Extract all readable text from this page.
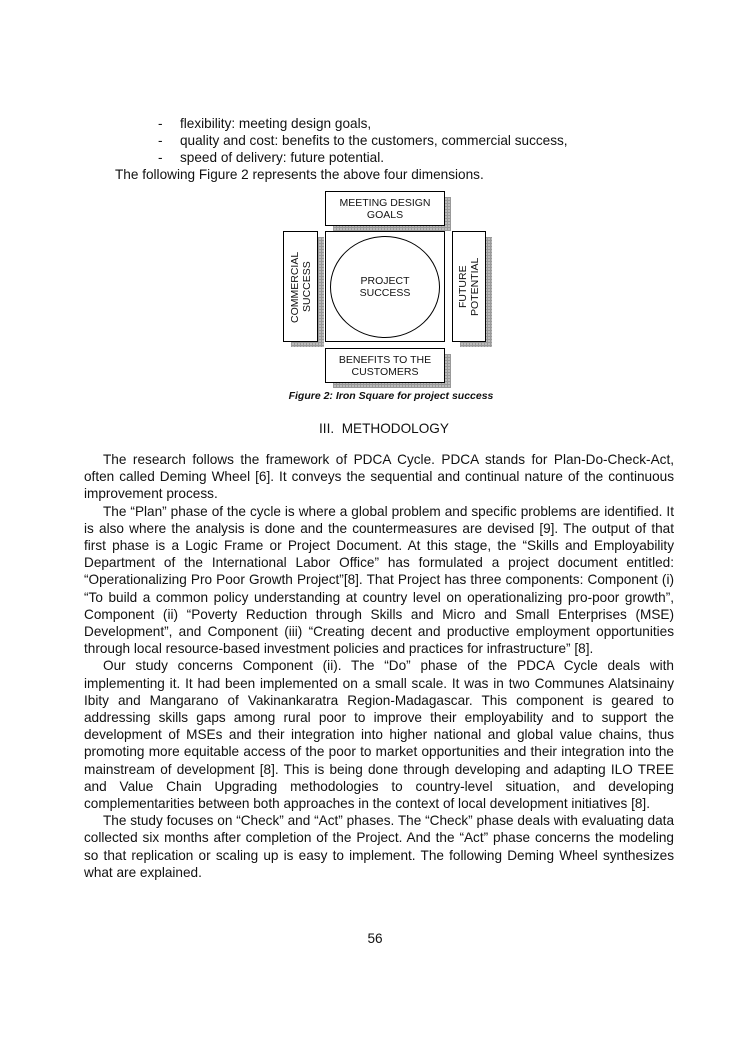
- flexibility: meeting design goals,
- quality and cost: benefits to the customers, commercial success,
- speed of delivery: future potential.
The following Figure 2 represents the above four dimensions.
MEETING DESIGN GOALS
COMMERCIAL SUCCESS	PROJECT SUCCESS	FUTURE POTENTIAL
BENEFITS TO THE CUSTOMERS
Figure 2: Iron Square for project success
III.  METHODOLOGY

The research follows the framework of PDCA Cycle. PDCA stands for Plan-Do-Check-Act, often called Deming Wheel [6]. It conveys the sequential and continual nature of the continuous improvement process.

The “Plan” phase of the cycle is where a global problem and specific problems are identified. It is also where the analysis is done and the countermeasures are devised [9]. The output of that first phase is a Logic Frame or Project Document. At this stage, the “Skills and Employability Department of the International Labor Office” has formulated a project document entitled: “Operationalizing Pro Poor Growth Project”[8]. That Project has three components: Component (i) “To build a common policy understanding at country level on operationalizing pro-poor growth”, Component (ii) “Poverty Reduction through Skills and Micro and Small Enterprises (MSE) Development”, and Component (iii) “Creating decent and productive employment opportunities through local resource-based investment policies and practices for infrastructure” [8].

Our study concerns Component (ii). The “Do” phase of the PDCA Cycle deals with implementing it. It had been implemented on a small scale. It was in two Communes Alatsinainy Ibity and Mangarano of Vakinankaratra Region-Madagascar. This component is geared to addressing skills gaps among rural poor to improve their employability and to support the development of MSEs and their integration into higher national and global value chains, thus promoting more equitable access of the poor to market opportunities and their integration into the mainstream of development [8]. This is being done through developing and adapting ILO TREE and Value Chain Upgrading methodologies to country-level situation, and developing complementarities between both approaches in the context of local development initiatives [8].

The study focuses on “Check” and “Act” phases. The “Check” phase deals with evaluating data collected six months after completion of the Project. And the “Act” phase concerns the modeling so that replication or scaling up is easy to implement. The following Deming Wheel synthesizes what are explained.

56
